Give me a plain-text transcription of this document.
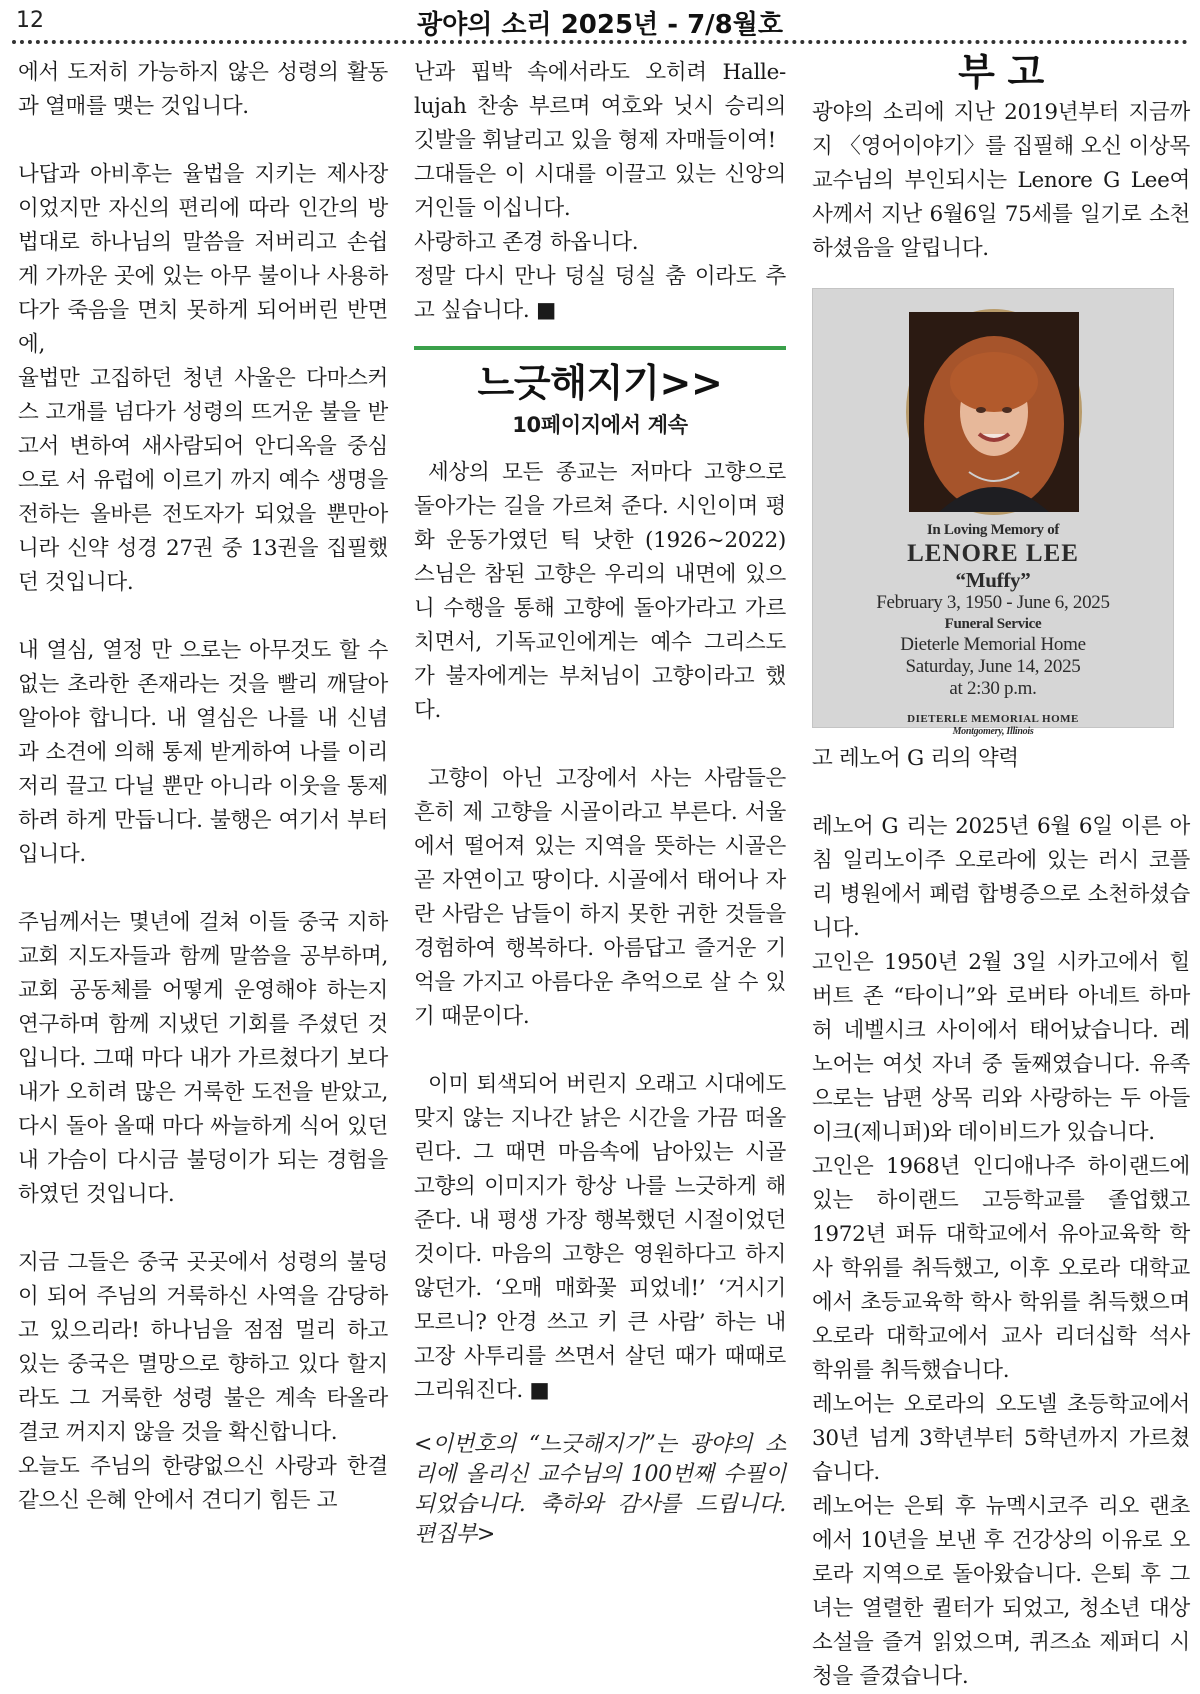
12	광야의 소리 2025년 - 7/8월호

에서 도저히 가능하지 않은 성령의 활동과 열매를 맺는 것입니다.

나답과 아비후는 율법을 지키는 제사장 이었지만 자신의 편리에 따라 인간의 방법대로 하나님의 말씀을 저버리고 손쉽게 가까운 곳에 있는 아무 불이나 사용하다가 죽음을 면치 못하게 되어버린 반면에,
율법만 고집하던 청년 사울은 다마스커스 고개를 넘다가 성령의 뜨거운 불을 받고서 변하여 새사람되어 안디옥을 중심으로 서 유럽에 이르기 까지 예수 생명을 전하는 올바른 전도자가 되었을 뿐만아니라 신약 성경 27권 중 13권을 집필했던 것입니다.

내 열심, 열정 만 으로는 아무것도 할 수 없는 초라한 존재라는 것을 빨리 깨달아 알아야 합니다. 내 열심은 나를 내 신념과 소견에 의해 통제 받게하여 나를 이리 저리 끌고 다닐 뿐만 아니라 이웃을 통제하려 하게 만듭니다. 불행은 여기서 부터 입니다.

주님께서는 몇년에 걸쳐 이들 중국 지하교회 지도자들과 함께 말씀을 공부하며, 교회 공동체를 어떻게 운영해야 하는지 연구하며 함께 지냈던 기회를 주셨던 것입니다. 그때 마다 내가 가르쳤다기 보다 내가 오히려 많은 거룩한 도전을 받았고, 다시 돌아 올때 마다 싸늘하게 식어 있던 내 가슴이 다시금 불덩이가 되는 경험을 하였던 것입니다.

지금 그들은 중국 곳곳에서 성령의 불덩이 되어 주님의 거룩하신 사역을 감당하고 있으리라! 하나님을 점점 멀리 하고 있는 중국은 멸망으로 향하고 있다 할지라도 그 거룩한 성령 불은 계속 타올라 결코 꺼지지 않을 것을 확신합니다.
오늘도 주님의 한량없으신 사랑과 한결같으신 은혜 안에서 견디기 힘든 고

난과 핍박 속에서라도 오히려 Halle-lujah 찬송 부르며 여호와 닛시 승리의 깃발을 휘날리고 있을 형제 자매들이여!
그대들은 이 시대를 이끌고 있는 신앙의 거인들 이십니다.
사랑하고 존경 하옵니다.
정말 다시 만나 덩실 덩실 춤 이라도 추고 싶습니다. ■

느긋해지기>>
10페이지에서 계속

세상의 모든 종교는 저마다 고향으로 돌아가는 길을 가르쳐 준다. 시인이며 평화 운동가였던 틱 낫한 (1926~2022) 스님은 참된 고향은 우리의 내면에 있으니 수행을 통해 고향에 돌아가라고 가르치면서, 기독교인에게는 예수 그리스도가 불자에게는 부처님이 고향이라고 했다.

고향이 아닌 고장에서 사는 사람들은 흔히 제 고향을 시골이라고 부른다. 서울에서 떨어져 있는 지역을 뜻하는 시골은 곧 자연이고 땅이다. 시골에서 태어나 자란 사람은 남들이 하지 못한 귀한 것들을 경험하여 행복하다. 아름답고 즐거운 기억을 가지고 아름다운 추억으로 살 수 있기 때문이다.

이미 퇴색되어 버린지 오래고 시대에도 맞지 않는 지나간 낡은 시간을 가끔 떠올린다. 그 때면 마음속에 남아있는 시골 고향의 이미지가 항상 나를 느긋하게 해준다. 내 평생 가장 행복했던 시절이었던 것이다. 마음의 고향은 영원하다고 하지 않던가. ‘오매 매화꽃 피었네!’ ‘거시기 모르니? 안경 쓰고 키 큰 사람’ 하는 내 고장 사투리를 쓰면서 살던 때가 때때로 그리워진다. ■

<이번호의 “느긋해지기”는 광야의 소리에 올리신 교수님의 100번째 수필이 되었습니다. 축하와 감사를 드립니다. 편집부>

부 고

광야의 소리에 지난 2019년부터 지금까지 〈영어이야기〉를 집필해 오신 이상목 교수님의 부인되시는 Lenore G Lee여사께서 지난 6월6일 75세를 일기로 소천하셨음을 알립니다.

In Loving Memory of
LENORE LEE
“Muffy”
February 3, 1950 - June 6, 2025
Funeral Service
Dieterle Memorial Home
Saturday, June 14, 2025
at 2:30 p.m.
DIETERLE MEMORIAL HOME
Montgomery, Illinois

고 레노어 G 리의 약력

레노어 G 리는 2025년 6월 6일 이른 아침 일리노이주 오로라에 있는 러시 코플리 병원에서 폐렴 합병증으로 소천하셨습니다.

고인은 1950년 2월 3일 시카고에서 힐버트 존 “타이니”와 로버타 아네트 하마허 네벨시크 사이에서 태어났습니다. 레노어는 여섯 자녀 중 둘째였습니다. 유족으로는 남편 상목 리와 사랑하는 두 아들 이크(제니퍼)와 데이비드가 있습니다.

고인은 1968년 인디애나주 하이랜드에 있는 하이랜드 고등학교를 졸업했고 1972년 퍼듀 대학교에서 유아교육학 학사 학위를 취득했고, 이후 오로라 대학교에서 초등교육학 학사 학위를 취득했으며 오로라 대학교에서 교사 리더십학 석사 학위를 취득했습니다.

레노어는 오로라의 오도넬 초등학교에서 30년 넘게 3학년부터 5학년까지 가르쳤습니다.

레노어는 은퇴 후 뉴멕시코주 리오 랜초에서 10년을 보낸 후 건강상의 이유로 오로라 지역으로 돌아왔습니다. 은퇴 후 그녀는 열렬한 퀼터가 되었고, 청소년 대상 소설을 즐겨 읽었으며, 퀴즈쇼 제퍼디 시청을 즐겼습니다.
